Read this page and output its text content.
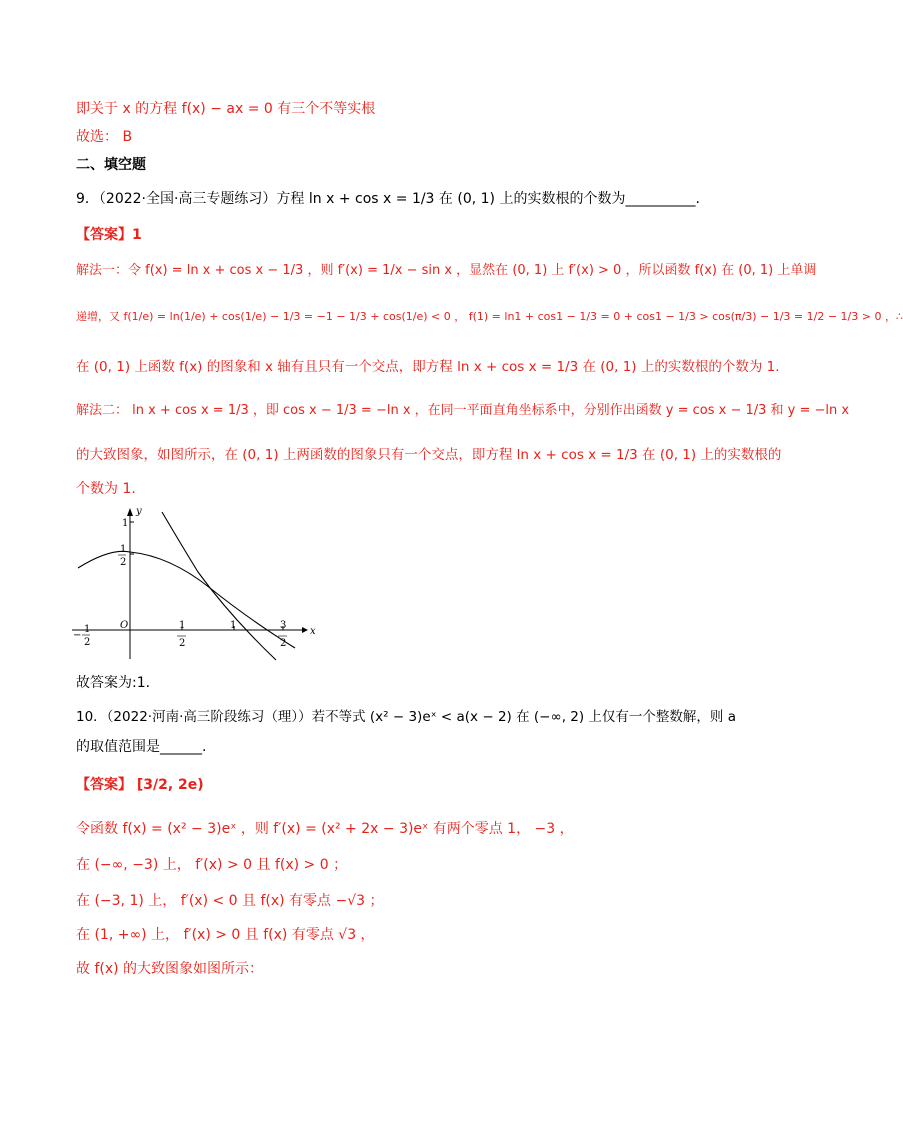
即关于 x 的方程 f(x) − ax = 0 有三个不等实根
故选： B
二、填空题
9．（2022·全国·高三专题练习）方程 ln x + cos x = 1/3 在 (0, 1) 上的实数根的个数为__________.
【答案】1
解法一：令 f(x) = ln x + cos x − 1/3 ，则 f′(x) = 1/x − sin x ，显然在 (0, 1) 上 f′(x) > 0 ，所以函数 f(x) 在 (0, 1) 上单调
递增，又 f(1/e) = ln(1/e) + cos(1/e) − 1/3 = −1 − 1/3 + cos(1/e) < 0 ， f(1) = ln1 + cos1 − 1/3 = 0 + cos1 − 1/3 > cos(π/3) − 1/3 = 1/2 − 1/3 > 0 ，∴
在 (0, 1) 上函数 f(x) 的图象和 x 轴有且只有一个交点，即方程 ln x + cos x = 1/3 在 (0, 1) 上的实数根的个数为 1.
解法二： ln x + cos x = 1/3 ，即 cos x − 1/3 = −ln x ，在同一平面直角坐标系中，分别作出函数 y = cos x − 1/3 和 y = −ln x
的大致图象，如图所示，在 (0, 1) 上两函数的图象只有一个交点，即方程 ln x + cos x = 1/3 在 (0, 1) 上的实数根的
个数为 1.
y
x
O
1
1
2
−
1
2
1
2
1	3
2
故答案为:1.
10．（2022·河南·高三阶段练习（理））若不等式 (x² − 3)eˣ < a(x − 2) 在 (−∞, 2) 上仅有一个整数解，则 a
的取值范围是______.
【答案】 [3/2, 2e)
令函数 f(x) = (x² − 3)eˣ ，则 f′(x) = (x² + 2x − 3)eˣ 有两个零点 1， −3 ，
在 (−∞, −3) 上， f′(x) > 0 且 f(x) > 0 ；
在 (−3, 1) 上， f′(x) < 0 且 f(x) 有零点 −√3 ；
在 (1, +∞) 上， f′(x) > 0 且 f(x) 有零点 √3 ，
故 f(x) 的大致图象如图所示：
